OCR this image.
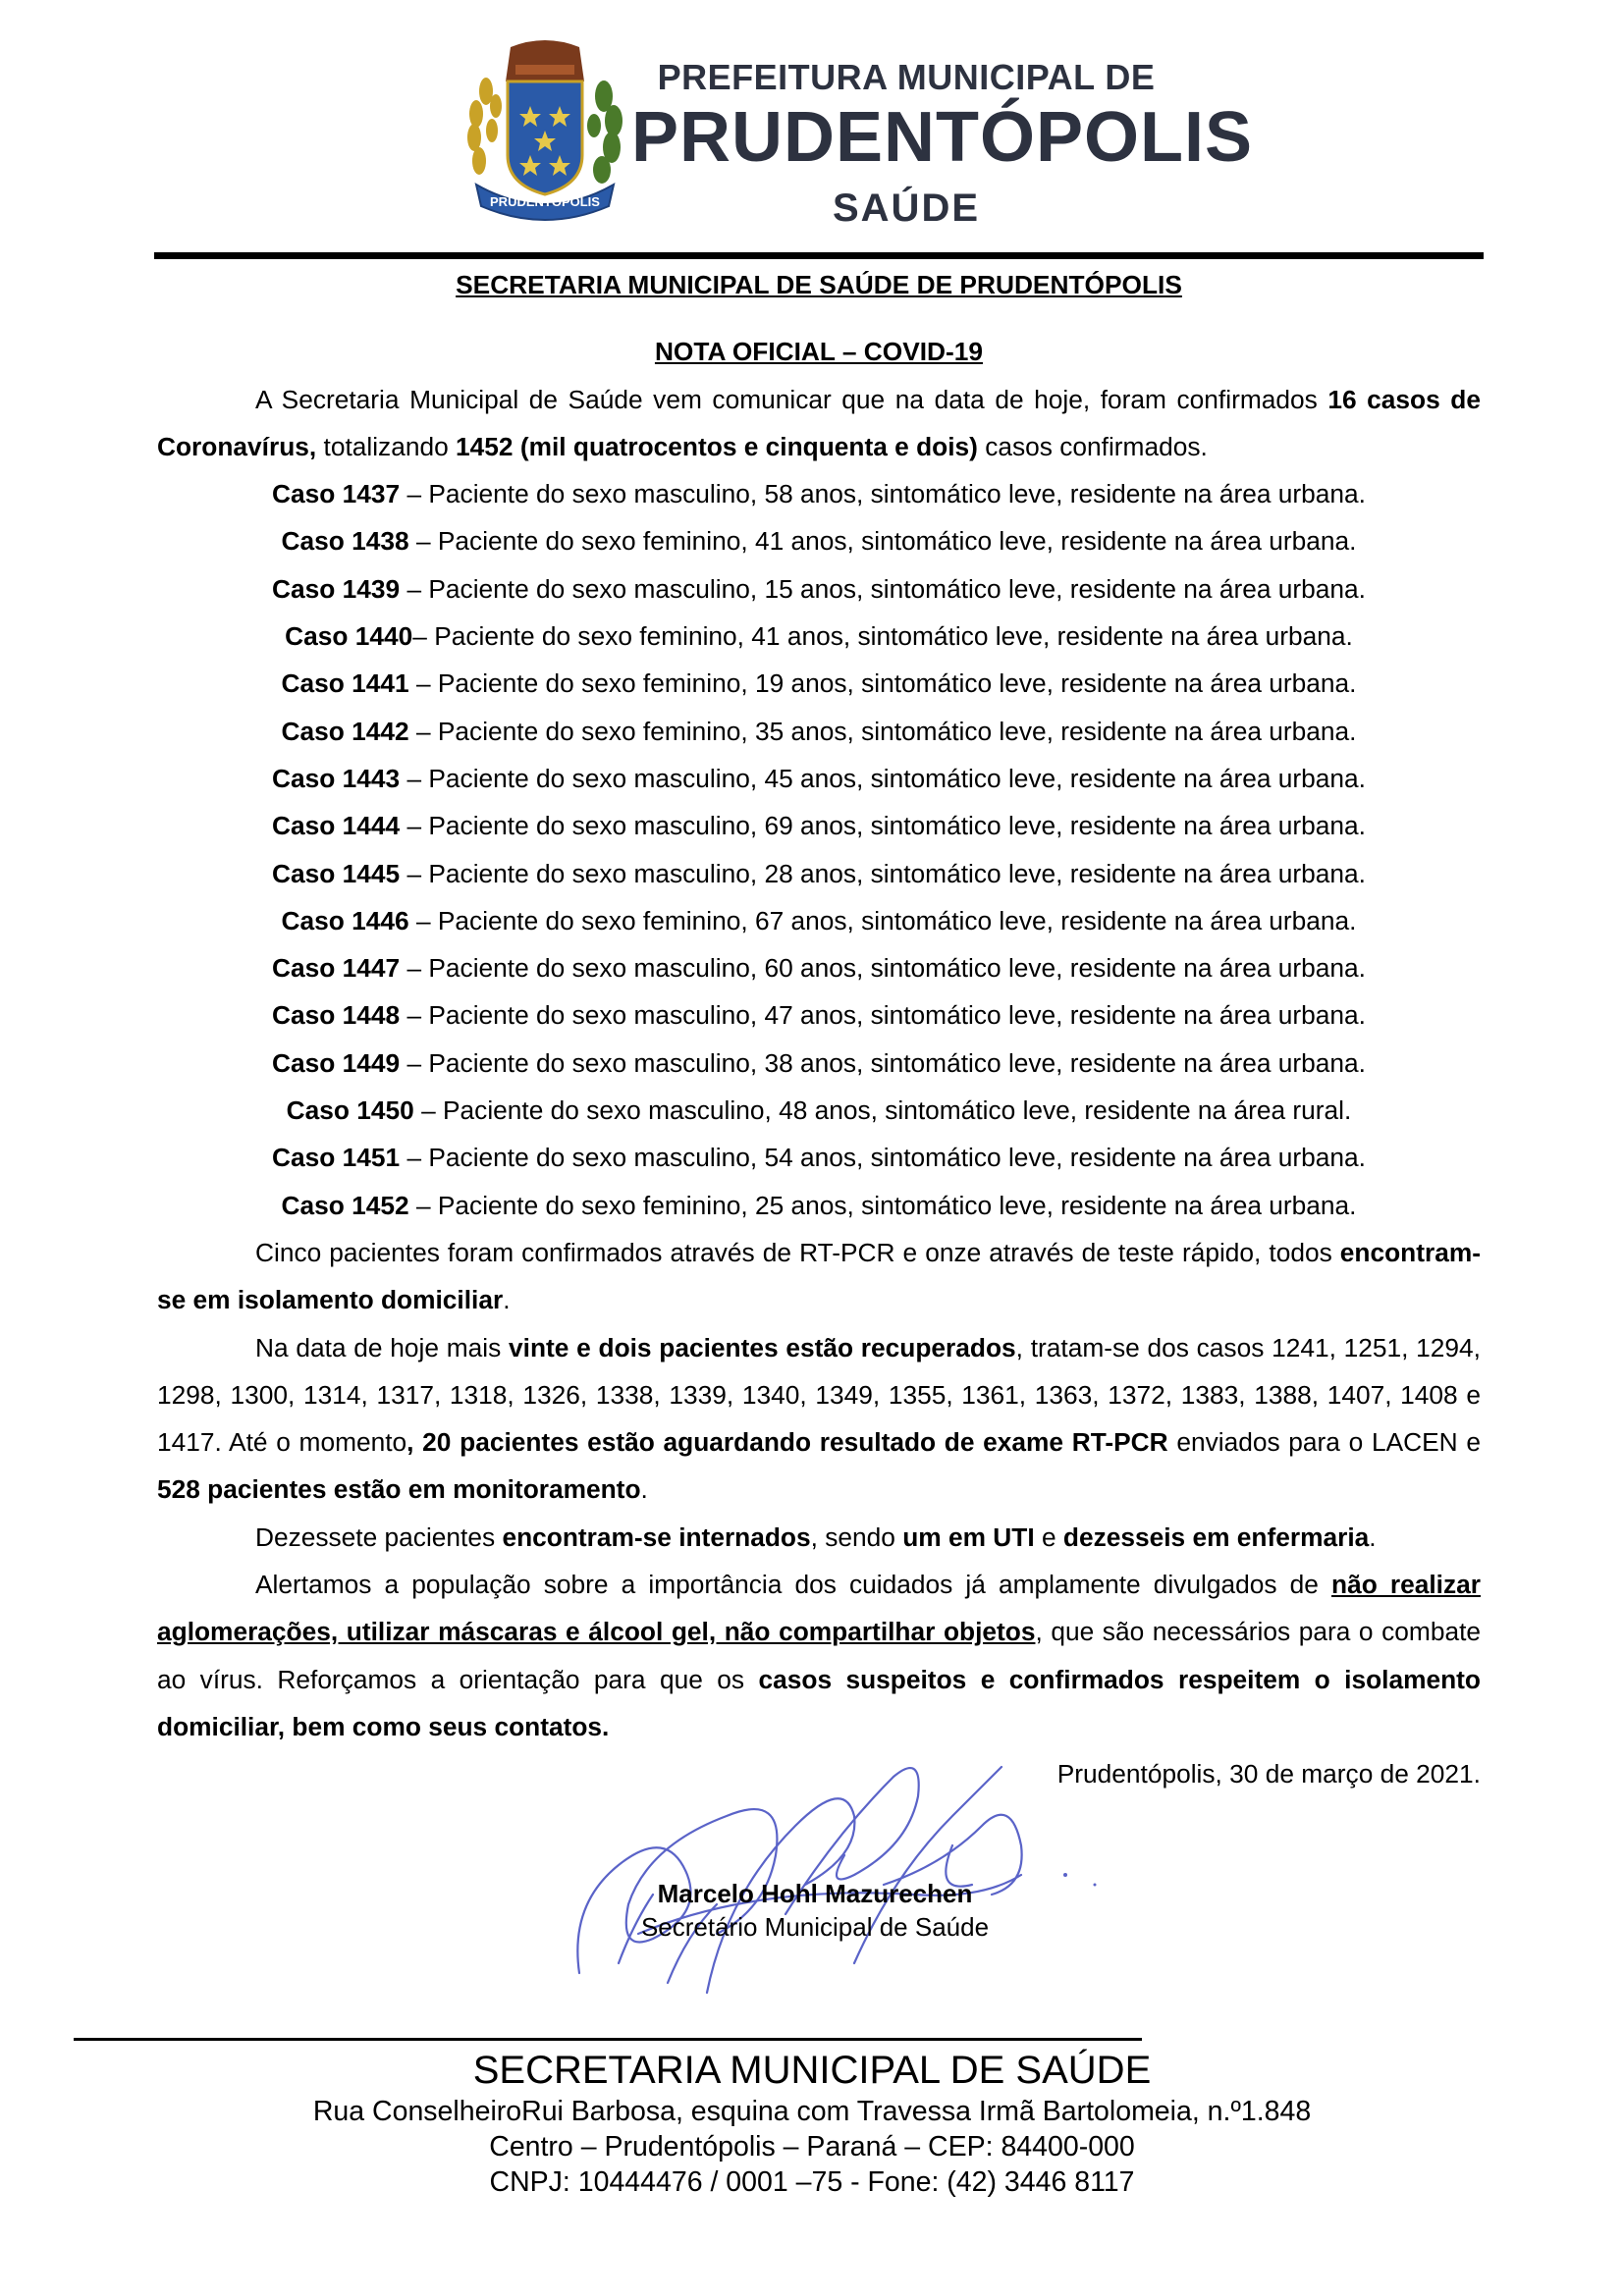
PRUDENTÓPOLIS
PREFEITURA MUNICIPAL DE
PRUDENTÓPOLIS
SAÚDE
SECRETARIA MUNICIPAL DE SAÚDE DE PRUDENTÓPOLIS
NOTA OFICIAL – COVID-19

A Secretaria Municipal de Saúde vem comunicar que na data de hoje, foram confirmados 16 casos de Coronavírus, totalizando 1452 (mil quatrocentos e cinquenta e dois) casos confirmados.

Caso 1437 – Paciente do sexo masculino, 58 anos, sintomático leve, residente na área urbana.
Caso 1438 – Paciente do sexo feminino, 41 anos, sintomático leve, residente na área urbana.
Caso 1439 – Paciente do sexo masculino, 15 anos, sintomático leve, residente na área urbana.
Caso 1440– Paciente do sexo feminino, 41 anos, sintomático leve, residente na área urbana.
Caso 1441 – Paciente do sexo feminino, 19 anos, sintomático leve, residente na área urbana.
Caso 1442 – Paciente do sexo feminino, 35 anos, sintomático leve, residente na área urbana.
Caso 1443 – Paciente do sexo masculino, 45 anos, sintomático leve, residente na área urbana.
Caso 1444 – Paciente do sexo masculino, 69 anos, sintomático leve, residente na área urbana.
Caso 1445 – Paciente do sexo masculino, 28 anos, sintomático leve, residente na área urbana.
Caso 1446 – Paciente do sexo feminino, 67 anos, sintomático leve, residente na área urbana.
Caso 1447 – Paciente do sexo masculino, 60 anos, sintomático leve, residente na área urbana.
Caso 1448 – Paciente do sexo masculino, 47 anos, sintomático leve, residente na área urbana.
Caso 1449 – Paciente do sexo masculino, 38 anos, sintomático leve, residente na área urbana.
Caso 1450 – Paciente do sexo masculino, 48 anos, sintomático leve, residente na área rural.
Caso 1451 – Paciente do sexo masculino, 54 anos, sintomático leve, residente na área urbana.
Caso 1452 – Paciente do sexo feminino, 25 anos, sintomático leve, residente na área urbana.

Cinco pacientes foram confirmados através de RT-PCR e onze através de teste rápido, todos encontram-se em isolamento domiciliar.

Na data de hoje mais vinte e dois pacientes estão recuperados, tratam-se dos casos 1241, 1251, 1294, 1298, 1300, 1314, 1317, 1318, 1326, 1338, 1339, 1340, 1349, 1355, 1361, 1363, 1372, 1383, 1388, 1407, 1408 e 1417. Até o momento, 20 pacientes estão aguardando resultado de exame RT-PCR enviados para o LACEN e 528 pacientes estão em monitoramento.

Dezessete pacientes encontram-se internados, sendo um em UTI e dezesseis em enfermaria.

Alertamos a população sobre a importância dos cuidados já amplamente divulgados de não realizar aglomerações, utilizar máscaras e álcool gel, não compartilhar objetos, que são necessários para o combate ao vírus. Reforçamos a orientação para que os casos suspeitos e confirmados respeitem o isolamento domiciliar, bem como seus contatos.

Prudentópolis, 30 de março de 2021.
Marcelo Hohl Mazurechen
Secretário Municipal de Saúde
SECRETARIA MUNICIPAL DE SAÚDE
Rua ConselheiroRui Barbosa, esquina com Travessa Irmã Bartolomeia, n.º1.848
Centro – Prudentópolis – Paraná – CEP: 84400-000
CNPJ: 10444476 / 0001 –75 - Fone: (42) 3446 8117
